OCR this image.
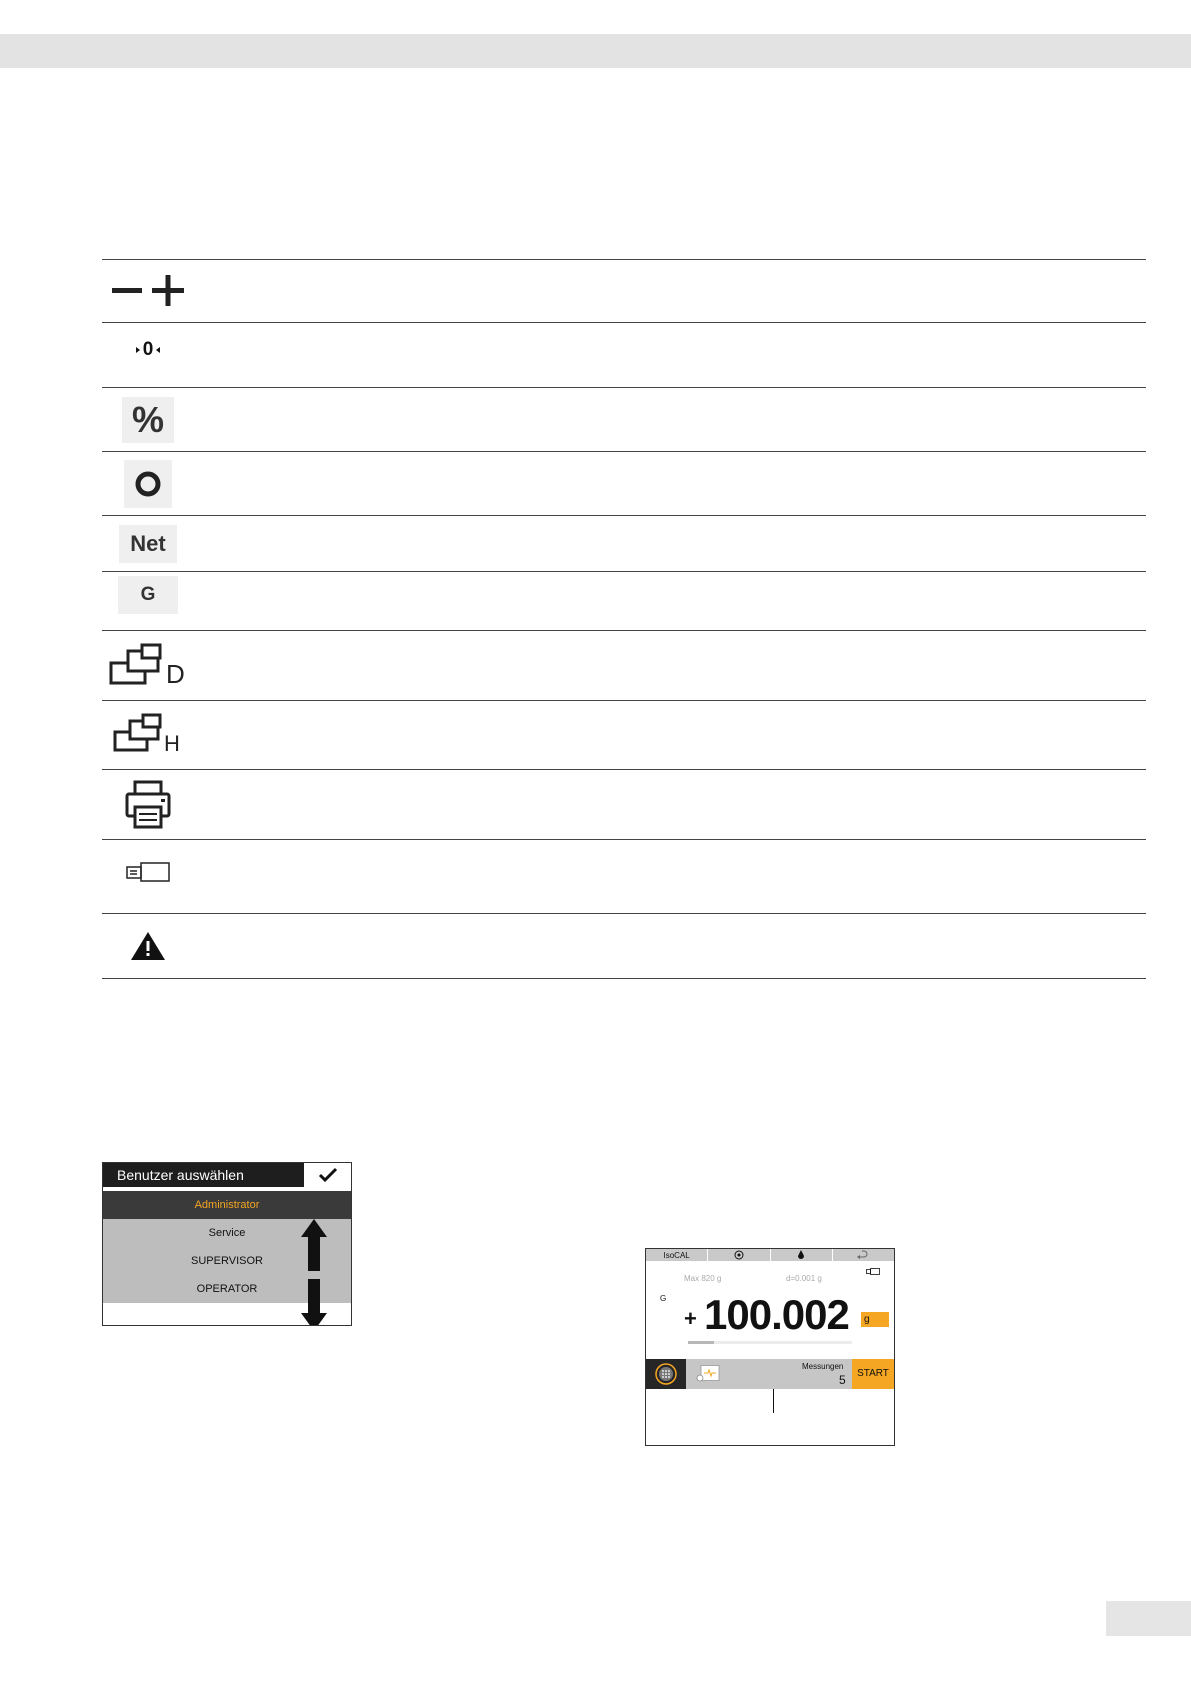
0
%
Net
G
D
H
Benutzer auswählen
Administrator
Service
SUPERVISOR
OPERATOR
IsoCAL
Max 820 g	d=0.001 g
G
+ 100.002	g
Messungen
5	START
